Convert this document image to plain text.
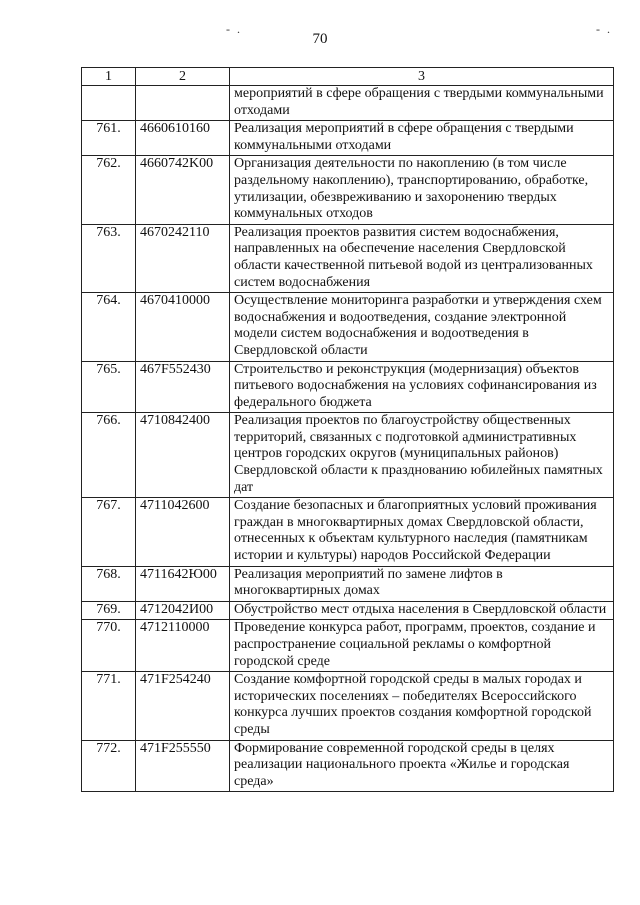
- .	- .
70
1	2	3
		мероприятий в сфере обращения с твердыми коммунальными отходами
761.	4660610160	Реализация мероприятий в сфере обращения с твердыми коммунальными отходами
762.	4660742K00	Организация деятельности по накоплению (в том числе раздельному накоплению), транспортированию, обработке, утилизации, обезвреживанию и захоронению твердых коммунальных отходов
763.	4670242110	Реализация проектов развития систем водоснабжения, направленных на обеспечение населения Свердловской области качественной питьевой водой из централизованных систем водоснабжения
764.	4670410000	Осуществление мониторинга разработки и утверждения схем водоснабжения и водоотведения, создание электронной модели систем водоснабжения и водоотведения в Свердловской области
765.	467F552430	Строительство и реконструкция (модернизация) объектов питьевого водоснабжения на условиях софинансирования из федерального бюджета
766.	4710842400	Реализация проектов по благоустройству общественных территорий, связанных с подготовкой административных центров городских округов (муниципальных районов) Свердловской области к празднованию юбилейных памятных дат
767.	4711042600	Создание безопасных и благоприятных условий проживания граждан в многоквартирных домах Свердловской области, отнесенных к объектам культурного наследия (памятникам истории и культуры) народов Российской Федерации
768.	4711642Ю00	Реализация мероприятий по замене лифтов в многоквартирных домах
769.	4712042И00	Обустройство мест отдыха населения в Свердловской области
770.	4712110000	Проведение конкурса работ, программ, проектов, создание и распространение социальной рекламы о комфортной городской среде
771.	471F254240	Создание комфортной городской среды в малых городах и исторических поселениях – победителях Всероссийского конкурса лучших проектов создания комфортной городской среды
772.	471F255550	Формирование современной городской среды в целях реализации национального проекта «Жилье и городская среда»
